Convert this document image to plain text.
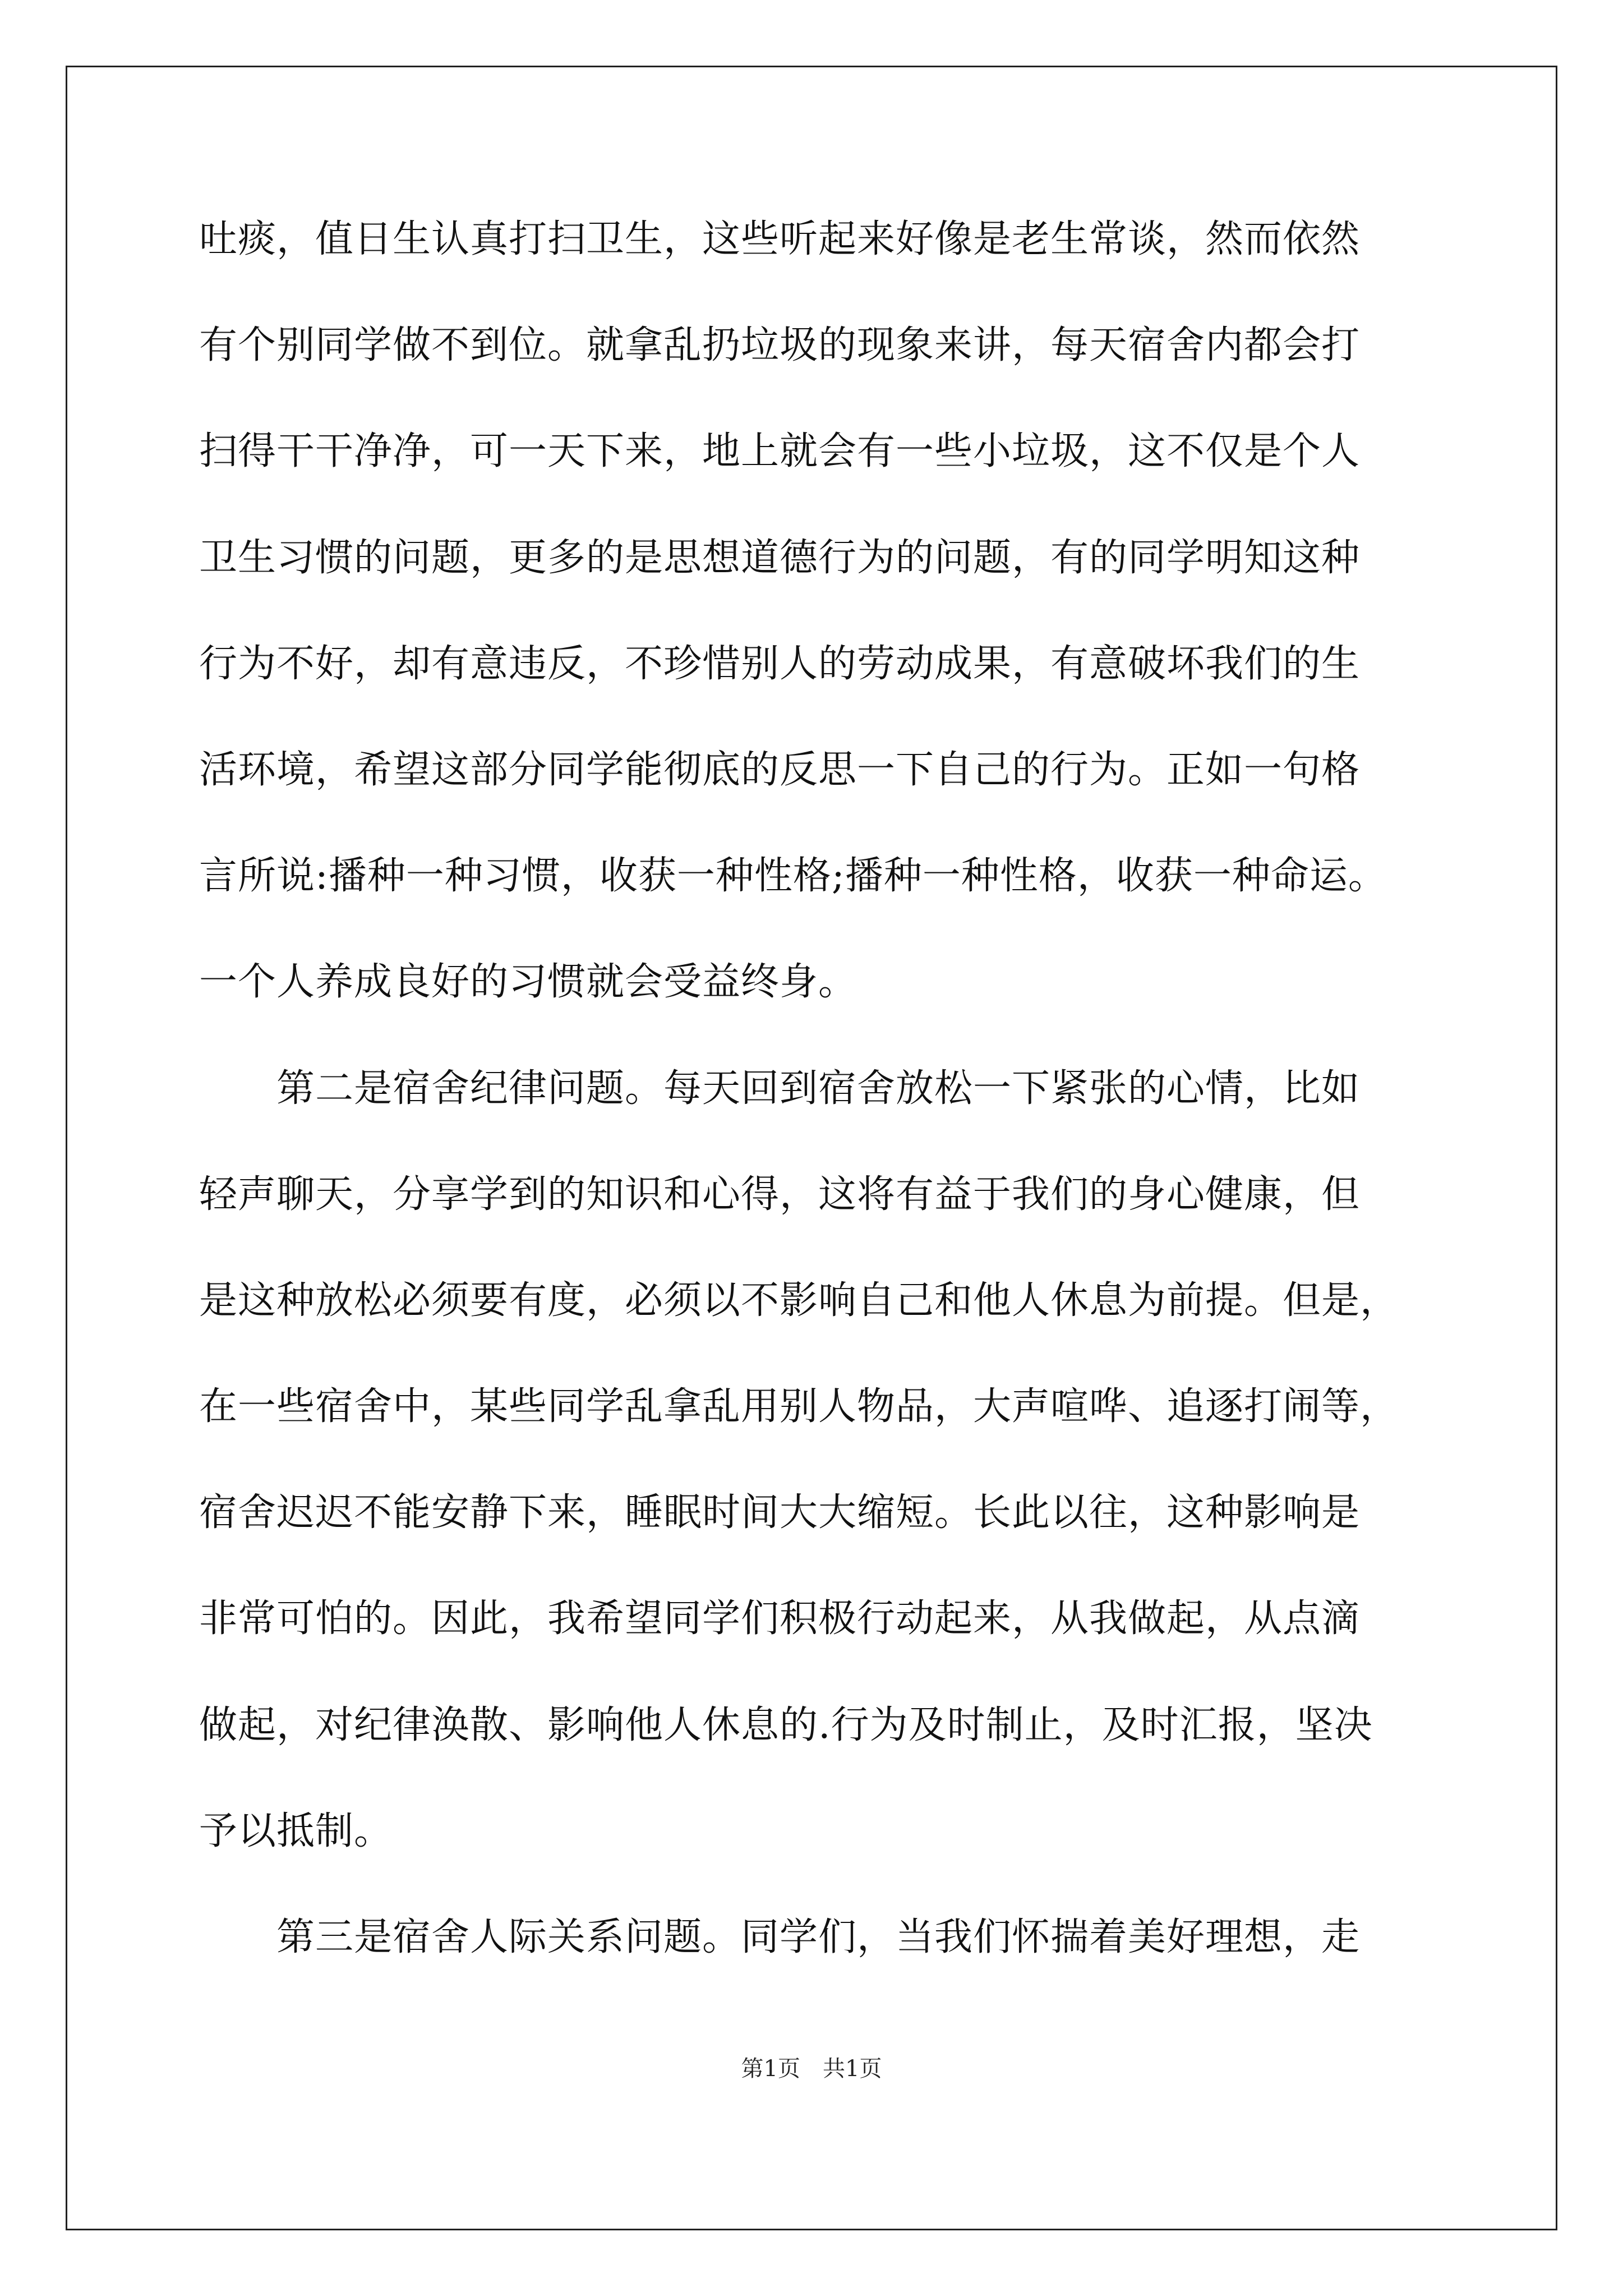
吐痰，值日生认真打扫卫生，这些听起来好像是老生常谈，然而依然
有个别同学做不到位。就拿乱扔垃圾的现象来讲，每天宿舍内都会打
扫得干干净净，可一天下来，地上就会有一些小垃圾，这不仅是个人
卫生习惯的问题，更多的是思想道德行为的问题，有的同学明知这种
行为不好，却有意违反，不珍惜别人的劳动成果，有意破坏我们的生
活环境，希望这部分同学能彻底的反思一下自己的行为。正如一句格
言所说:播种一种习惯，收获一种性格;播种一种性格，收获一种命运。
一个人养成良好的习惯就会受益终身。
　　第二是宿舍纪律问题。每天回到宿舍放松一下紧张的心情，比如
轻声聊天，分享学到的知识和心得，这将有益于我们的身心健康，但
是这种放松必须要有度，必须以不影响自己和他人休息为前提。但是，
在一些宿舍中，某些同学乱拿乱用别人物品，大声喧哗、追逐打闹等，
宿舍迟迟不能安静下来，睡眠时间大大缩短。长此以往，这种影响是
非常可怕的。因此，我希望同学们积极行动起来，从我做起，从点滴
做起，对纪律涣散、影响他人休息的.行为及时制止，及时汇报，坚决
予以抵制。
　　第三是宿舍人际关系问题。同学们，当我们怀揣着美好理想，走
第1页　共1页
